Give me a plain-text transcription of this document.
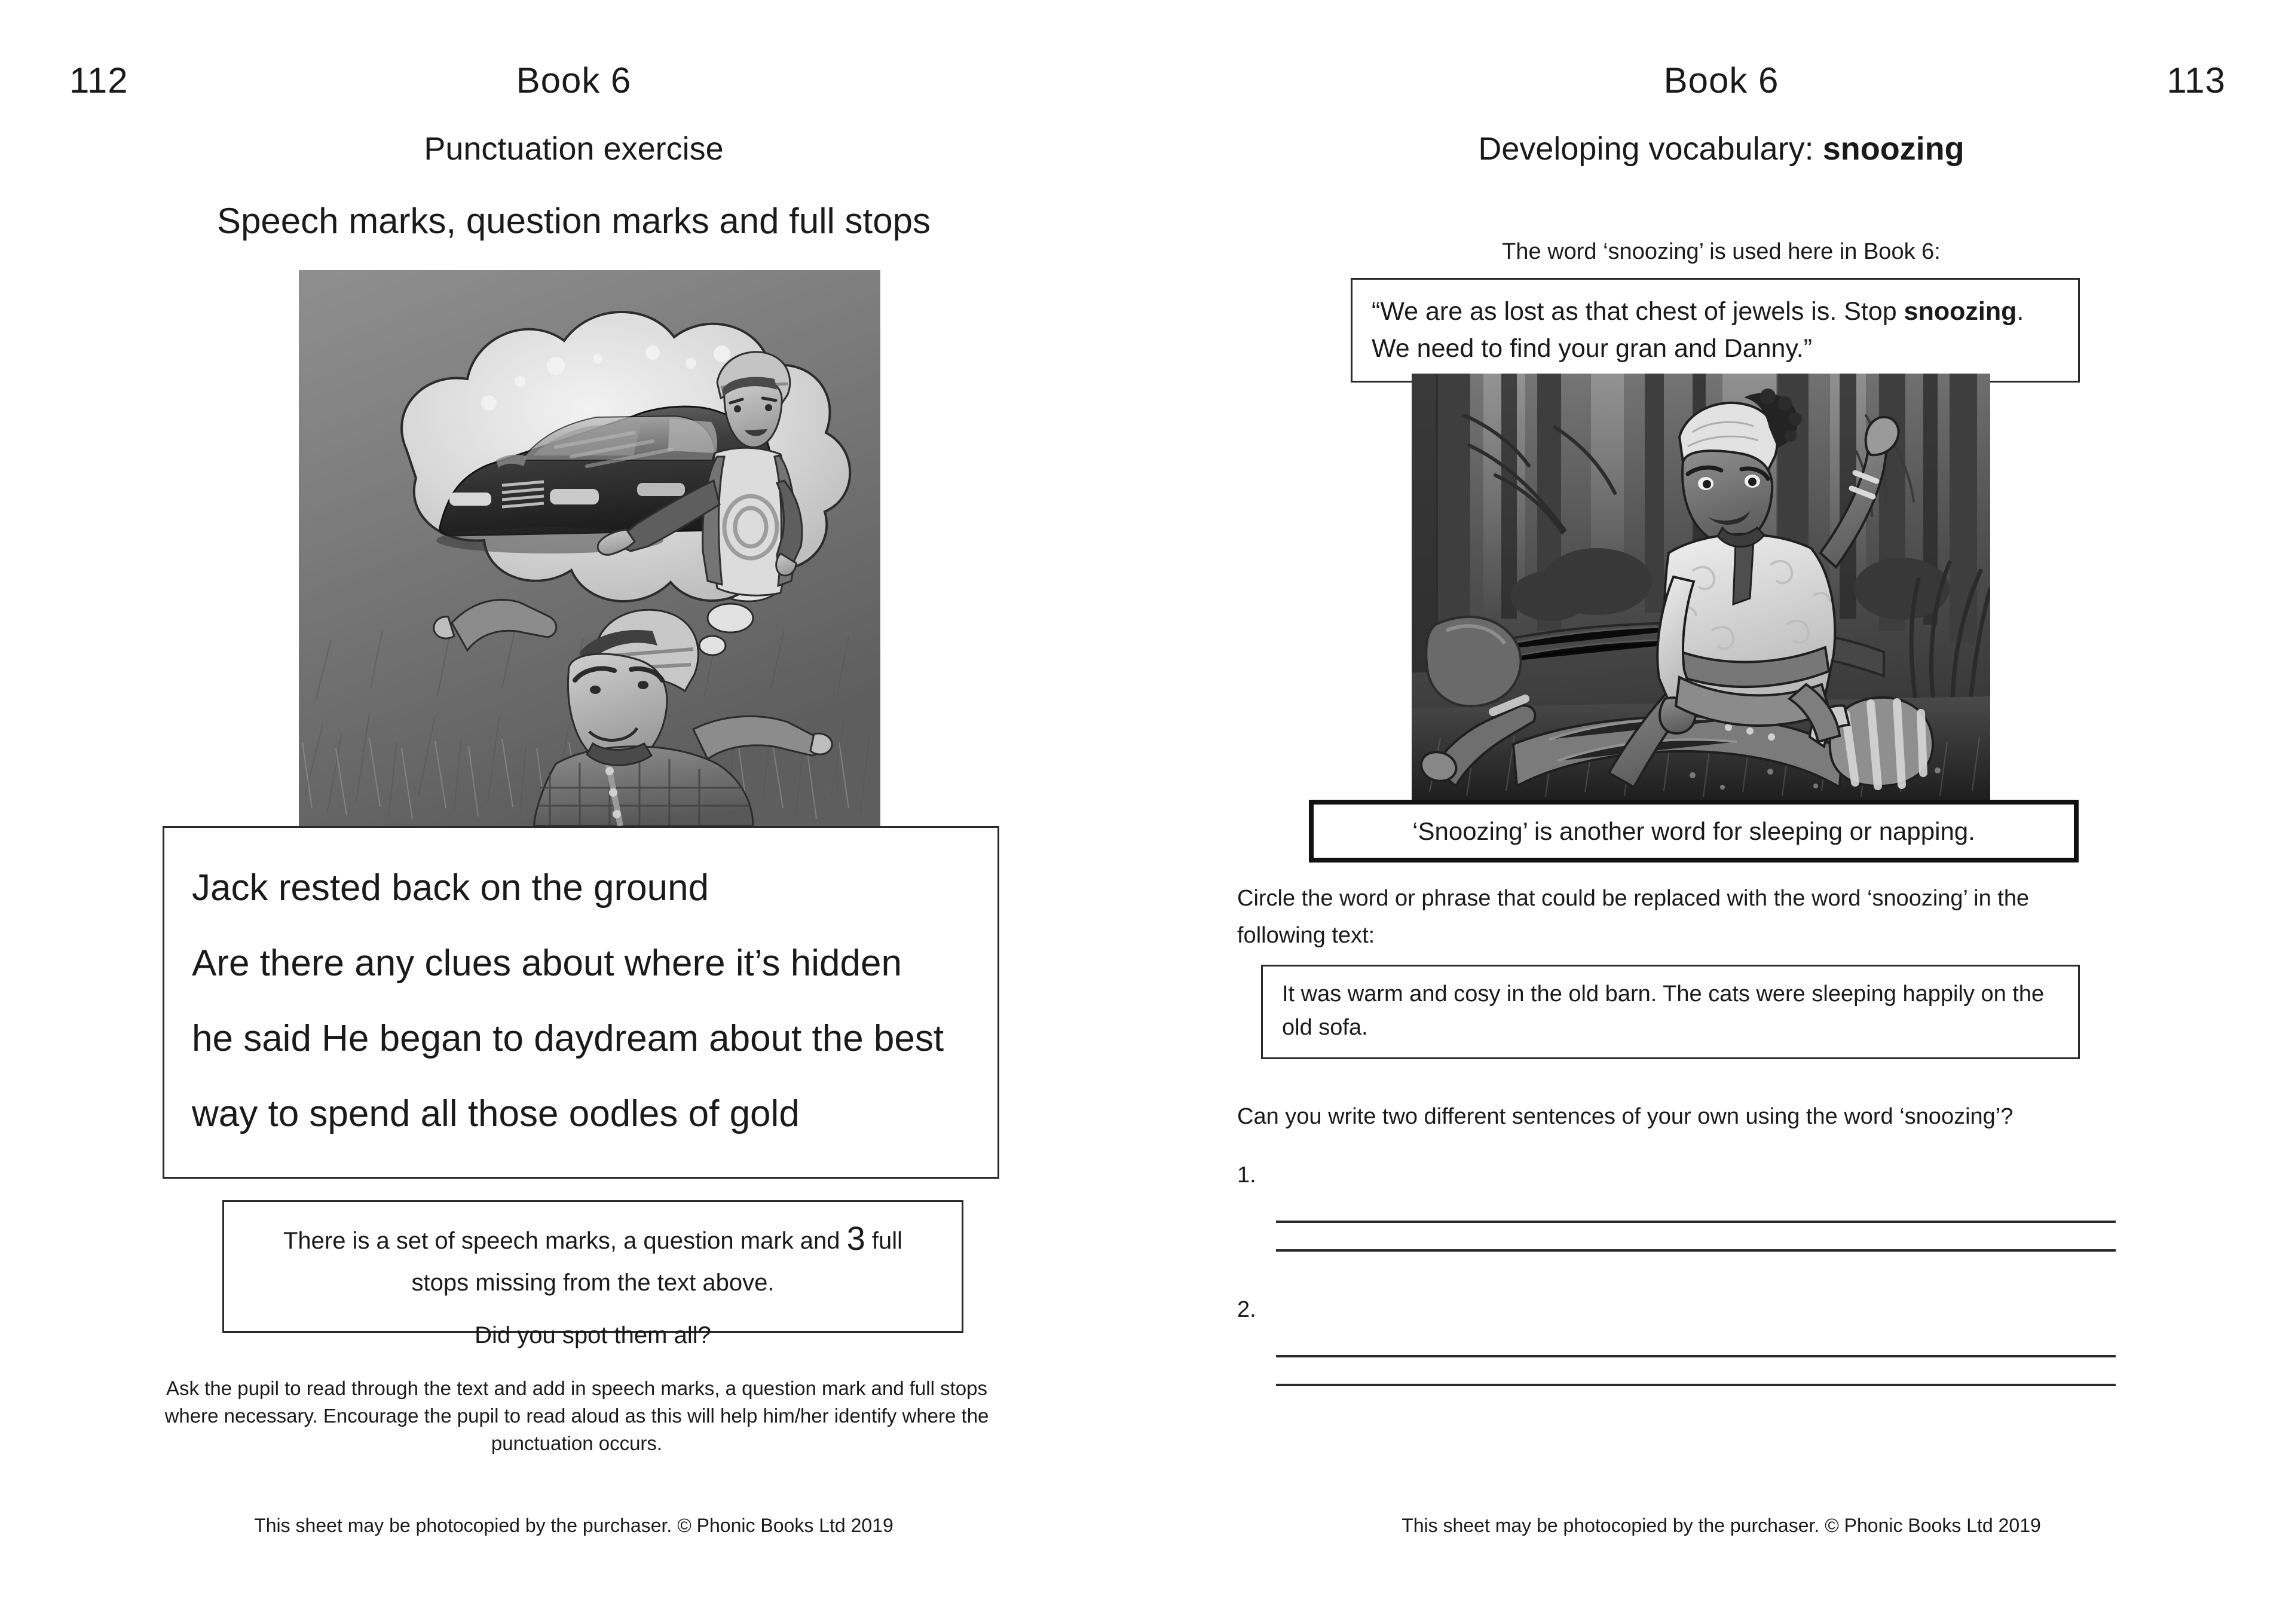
112	Book 6
Punctuation exercise
Speech marks, question marks and full stops

Jack rested back on the ground

Are there any clues about where it’s hidden

he said He began to daydream about the best

way to spend all those oodles of gold

There is a set of speech marks, a question mark and 3 full

stops missing from the text above.

Did you spot them all?

Ask the pupil to read through the text and add in speech marks, a question mark and full stops where necessary. Encourage the pupil to read aloud as this will help him/her identify where the punctuation occurs.
This sheet may be photocopied by the purchaser. © Phonic Books Ltd 2019
113
Book 6
Developing vocabulary: snoozing
The word ‘snoozing’ is used here in Book 6:

“We are as lost as that chest of jewels is. Stop snoozing. We need to find your gran and Danny.”

‘Snoozing’ is another word for sleeping or napping.

Circle the word or phrase that could be replaced with the word ‘snoozing’ in the following text:

It was warm and cosy in the old barn. The cats were sleeping happily on the old sofa.

Can you write two different sentences of your own using the word ‘snoozing’?
1.
2.
This sheet may be photocopied by the purchaser. © Phonic Books Ltd 2019
